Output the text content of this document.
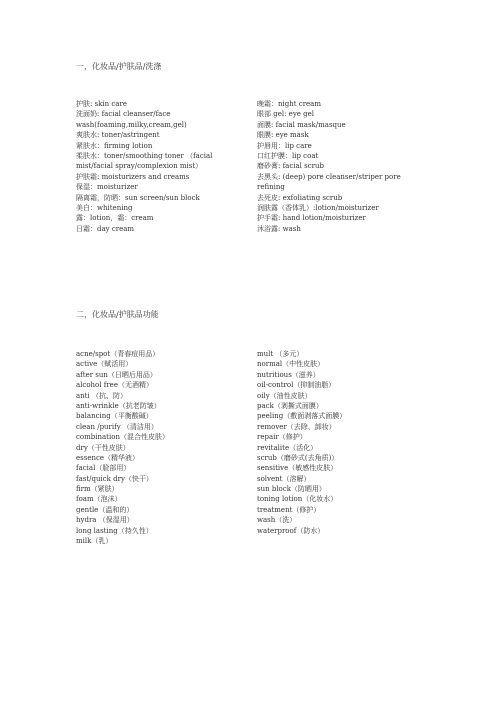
一，化妆品/护肤品/洗涤
护肤: skin care
洗面奶: facial cleanser/face
wash(foaming,milky,cream,gel)
爽肤水: toner/astringent
紧肤水：firming lotion
柔肤水：toner/smoothing toner （facial
mist/facial spray/complexion mist）
护肤霜: moisturizers and creams
保湿：moisturizer
隔离霜，防晒：sun screen/sun block
美白：whitening
露：lotion，霜：cream
日霜：day cream
晚霜：night cream
眼部 gel: eye gel
面膜: facial mask/masque
眼膜: eye mask
护唇用：lip care
口红护膜：lip coat
磨砂膏: facial scrub
去黑头: (deep) pore cleanser/striper pore
refining
去死皮: exfoliating scrub
润肤露（香体乳）:lotion/moisturizer
护手霜: hand lotion/moisturizer
沐浴露: wash
二，化妆品/护肤品功能
acne/spot（青春痘用品）
active（赋活用）
after sun（日晒后用品）
alcohol free（无酒精）
anti （抗、防）
anti-wrinkle（抗老防皱）
balancing（平衡酸碱）
clean /purify （清洁用）
combination（混合性皮肤）
dry（干性皮肤）
essence（精华液）
facial（脸部用）
fast/quick dry（快干）
firm（紧肤）
foam（泡沫）
gentle（温和的）
hydra （保湿用）
long lasting（持久性）
milk（乳）
mult （多元）
normal（中性皮肤）
nutritious（滋养）
oil-control（抑制油脂）
oily（油性皮肤）
pack（剥撕式面膜）
peeling（敷面剥落式面膜）
remover（去除、卸妆）
repair（修护）
revitalite（活化）
scrub（磨砂式(去角质)）
sensitive（敏感性皮肤）
solvent（溶解）
sun block（防晒用）
toning lotion（化妆水）
treatment（修护）
wash（洗）
waterproof（防水）
